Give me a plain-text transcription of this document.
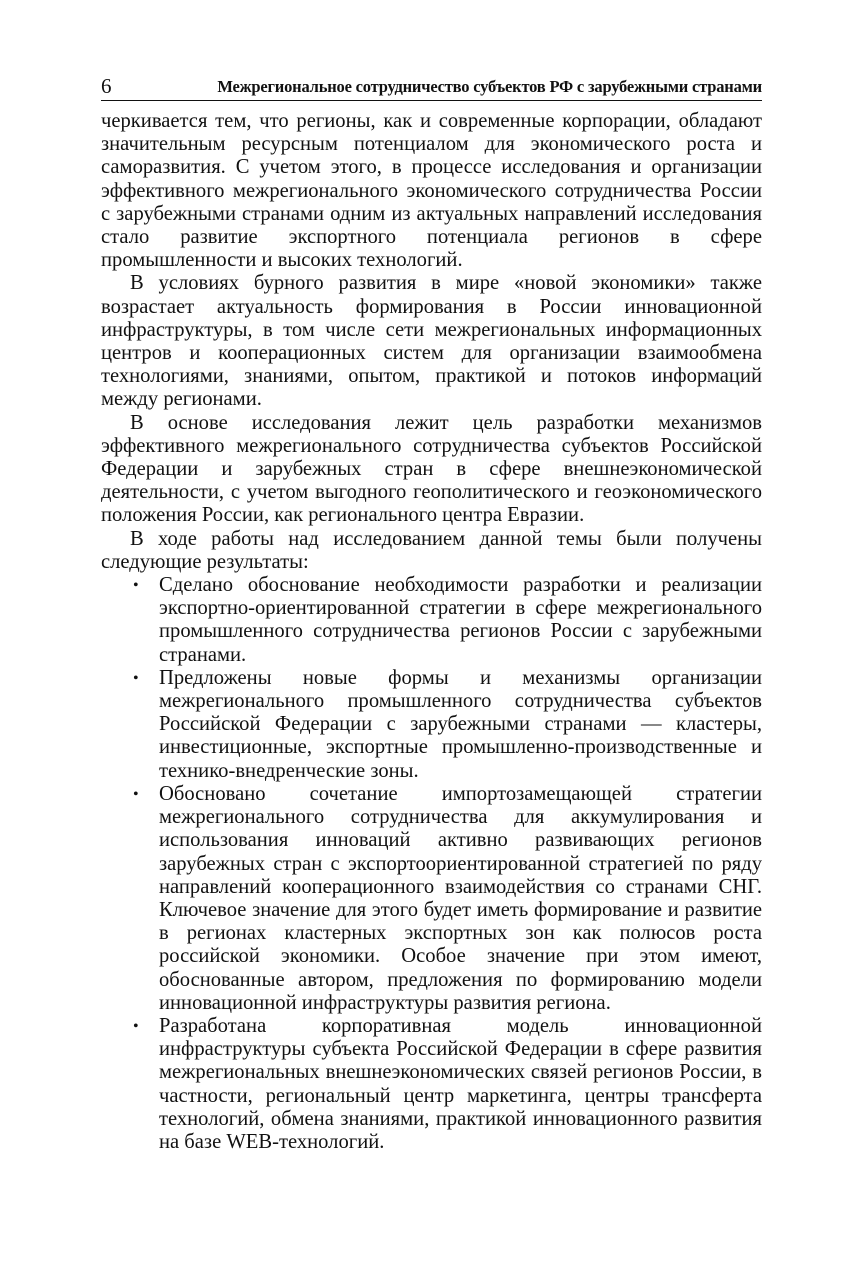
6	Межрегиональное сотрудничество субъектов РФ с зарубежными странами

черкивается тем, что регионы, как и современные корпорации, обладают значительным ресурсным потенциалом для экономического роста и саморазвития. С учетом этого, в процессе исследования и организации эффективного межрегионального экономического сотрудничества России с зарубежными странами одним из актуальных направлений исследования стало развитие экспортного потенциала регионов в сфере промышленности и высоких технологий.

В условиях бурного развития в мире «новой экономики» также возрастает актуальность формирования в России инновационной инфраструктуры, в том числе сети межрегиональных информационных центров и кооперационных систем для организации взаимообмена технологиями, знаниями, опытом, практикой и потоков информаций между регионами.

В основе исследования лежит цель разработки механизмов эффективного межрегионального сотрудничества субъектов Российской Федерации и зарубежных стран в сфере внешнеэкономической деятельности, с учетом выгодного геополитического и геоэкономического положения России, как регионального центра Евразии.

В ходе работы над исследованием данной темы были получены следующие результаты:

• Сделано обоснование необходимости разработки и реализации экспортно-ориентированной стратегии в сфере межрегионального промышленного сотрудничества регионов России с зарубежными странами.
• Предложены новые формы и механизмы организации межрегионального промышленного сотрудничества субъектов Российской Федерации с зарубежными странами — кластеры, инвестиционные, экспортные промышленно-производственные и технико-внедренческие зоны.
• Обосновано сочетание импортозамещающей стратегии межрегионального сотрудничества для аккумулирования и использования инноваций активно развивающих регионов зарубежных стран с экспортоориентированной стратегией по ряду направлений кооперационного взаимодействия со странами СНГ. Ключевое значение для этого будет иметь формирование и развитие в регионах кластерных экспортных зон как полюсов роста российской экономики. Особое значение при этом имеют, обоснованные автором, предложения по формированию модели инновационной инфраструктуры развития региона.
• Разработана корпоративная модель инновационной инфраструктуры субъекта Российской Федерации в сфере развития межрегиональных внешнеэкономических связей регионов России, в частности, региональный центр маркетинга, центры трансферта технологий, обмена знаниями, практикой инновационного развития на базе WEB-технологий.
